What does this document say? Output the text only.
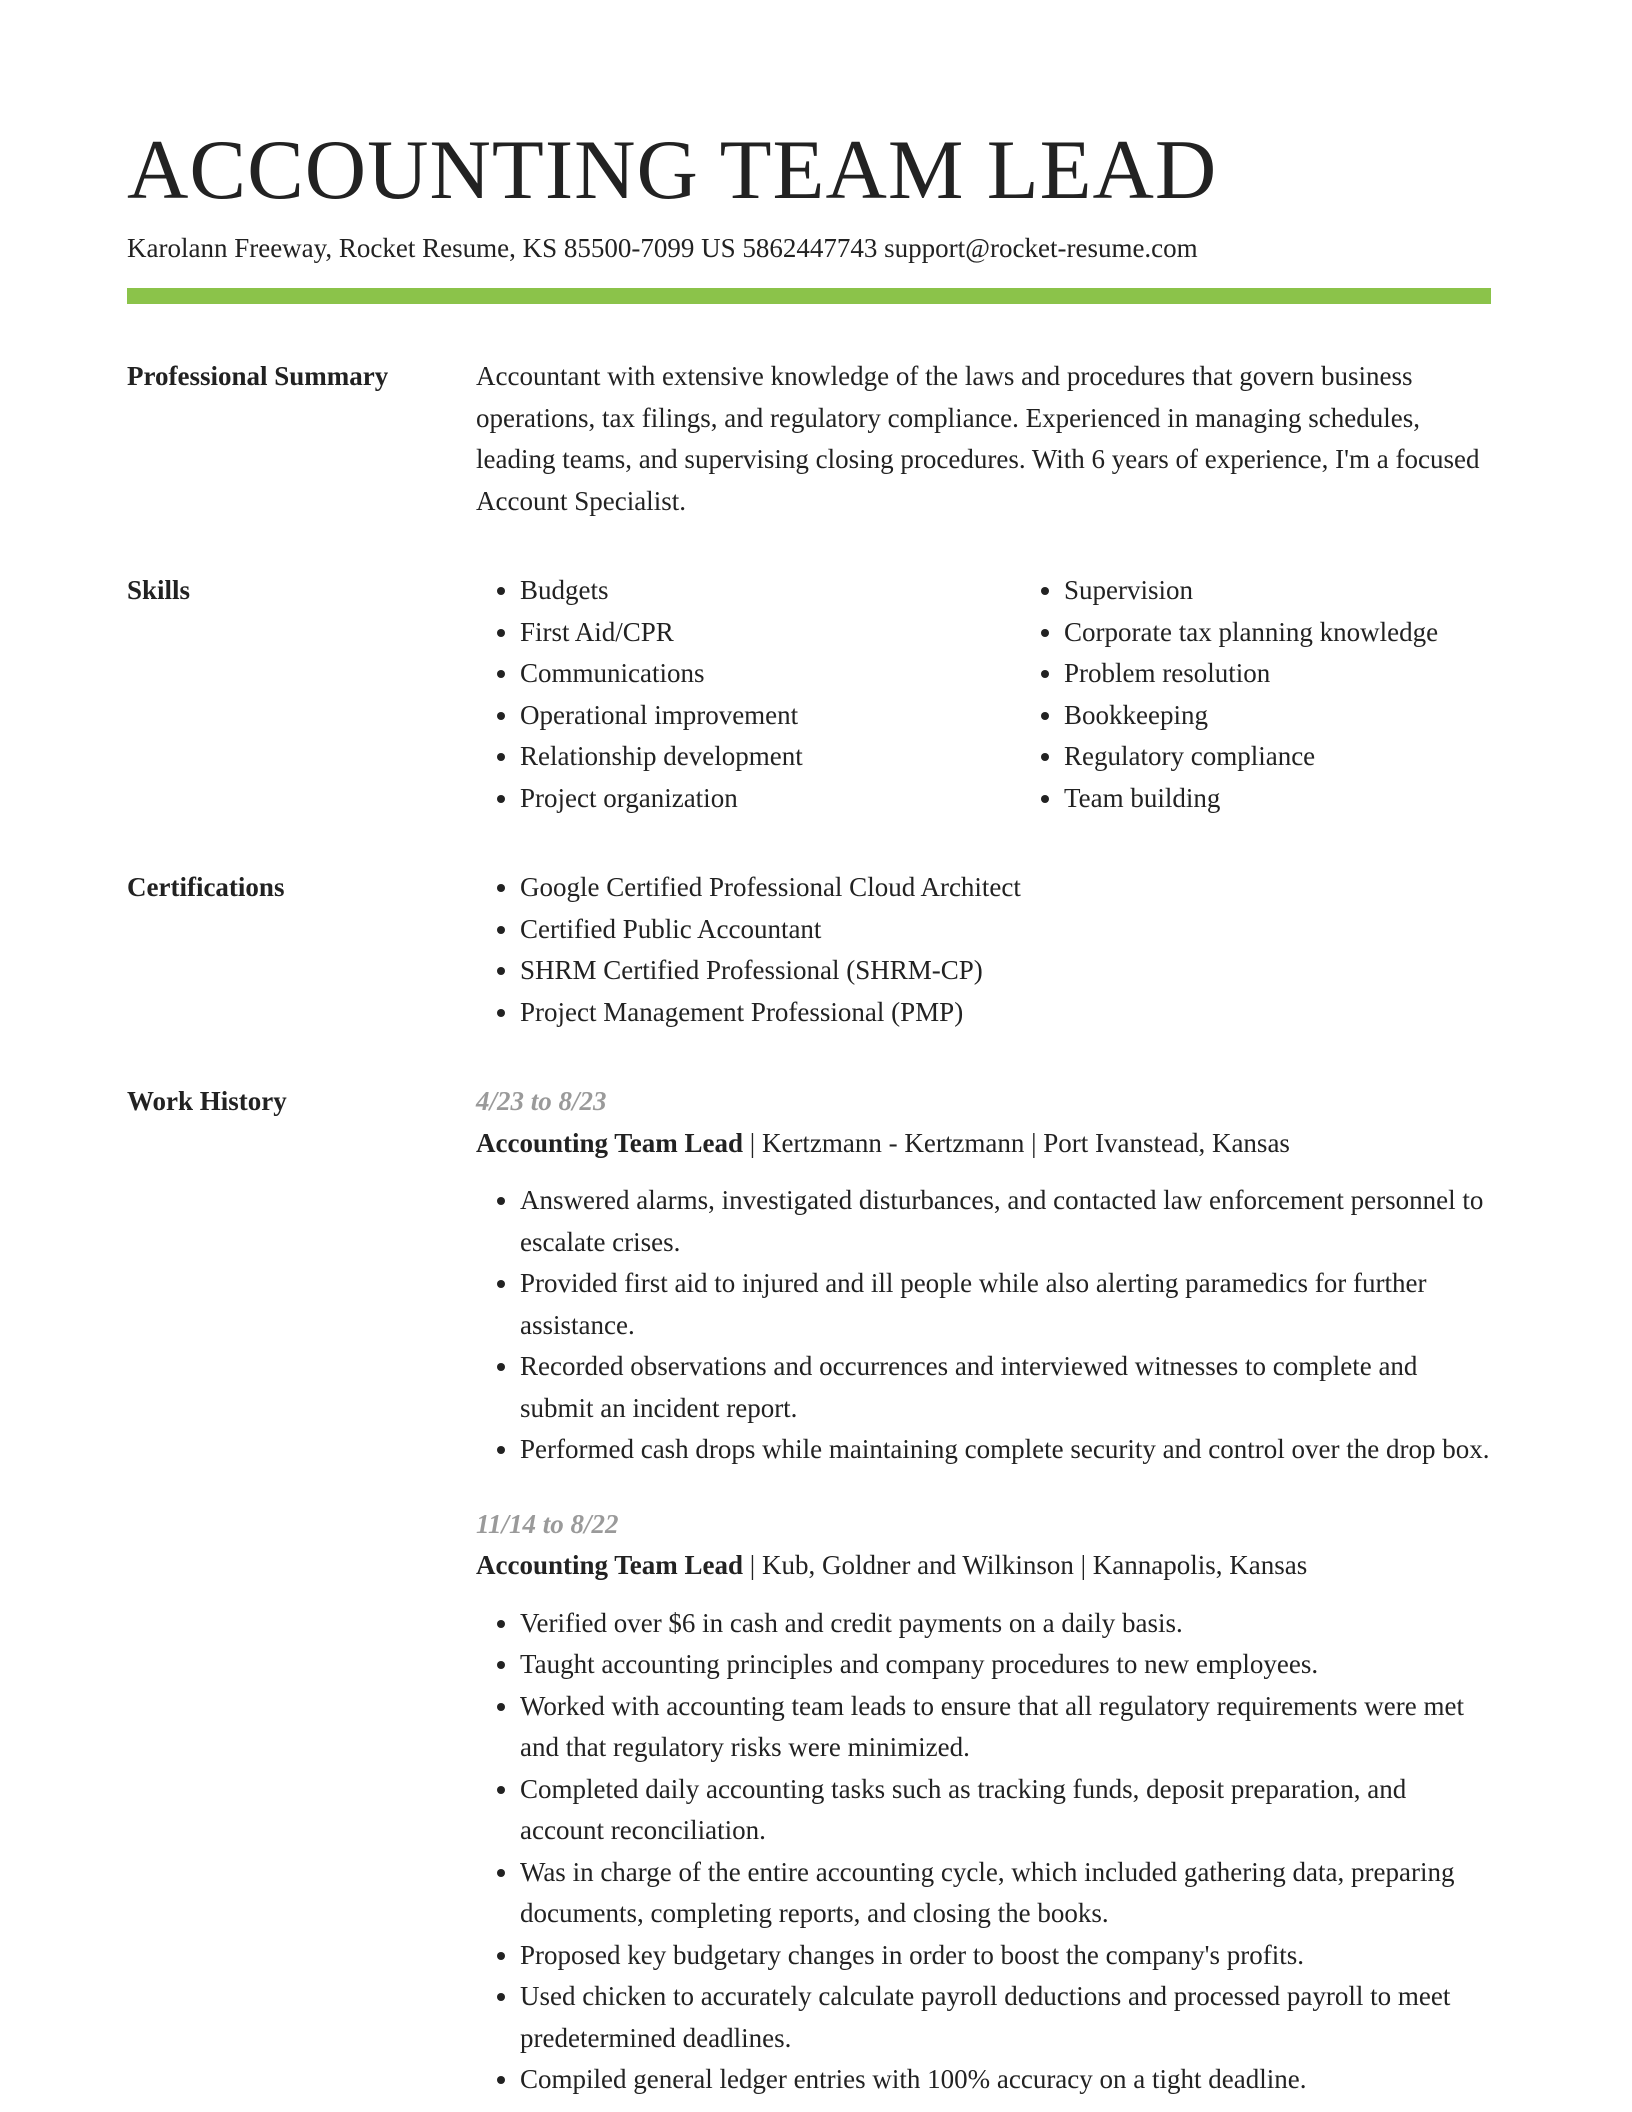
ACCOUNTING TEAM LEAD
Karolann Freeway, Rocket Resume, KS 85500-7099 US 5862447743 support@rocket-resume.com
Professional Summary	Accountant with extensive knowledge of the laws and procedures that govern business operations, tax filings, and regulatory compliance. Experienced in managing schedules, leading teams, and supervising closing procedures. With 6 years of experience, I'm a focused Account Specialist.

Skills	• Budgets
• First Aid/CPR
• Communications
• Operational improvement
• Relationship development
• Project organization
• Supervision
• Corporate tax planning knowledge
• Problem resolution
• Bookkeeping
• Regulatory compliance
• Team building
Certifications	• Google Certified Professional Cloud Architect
• Certified Public Accountant
• SHRM Certified Professional (SHRM-CP)
• Project Management Professional (PMP)
Work History	4/23 to 8/23
Accounting Team Lead | Kertzmann - Kertzmann | Port Ivanstead, Kansas
• Answered alarms, investigated disturbances, and contacted law enforcement personnel to escalate crises.
• Provided first aid to injured and ill people while also alerting paramedics for further assistance.
• Recorded observations and occurrences and interviewed witnesses to complete and submit an incident report.
• Performed cash drops while maintaining complete security and control over the drop box.
11/14 to 8/22
Accounting Team Lead | Kub, Goldner and Wilkinson | Kannapolis, Kansas
• Verified over $6 in cash and credit payments on a daily basis.
• Taught accounting principles and company procedures to new employees.
• Worked with accounting team leads to ensure that all regulatory requirements were met and that regulatory risks were minimized.
• Completed daily accounting tasks such as tracking funds, deposit preparation, and account reconciliation.
• Was in charge of the entire accounting cycle, which included gathering data, preparing documents, completing reports, and closing the books.
• Proposed key budgetary changes in order to boost the company's profits.
• Used chicken to accurately calculate payroll deductions and processed payroll to meet predetermined deadlines.
• Compiled general ledger entries with 100% accuracy on a tight deadline.
